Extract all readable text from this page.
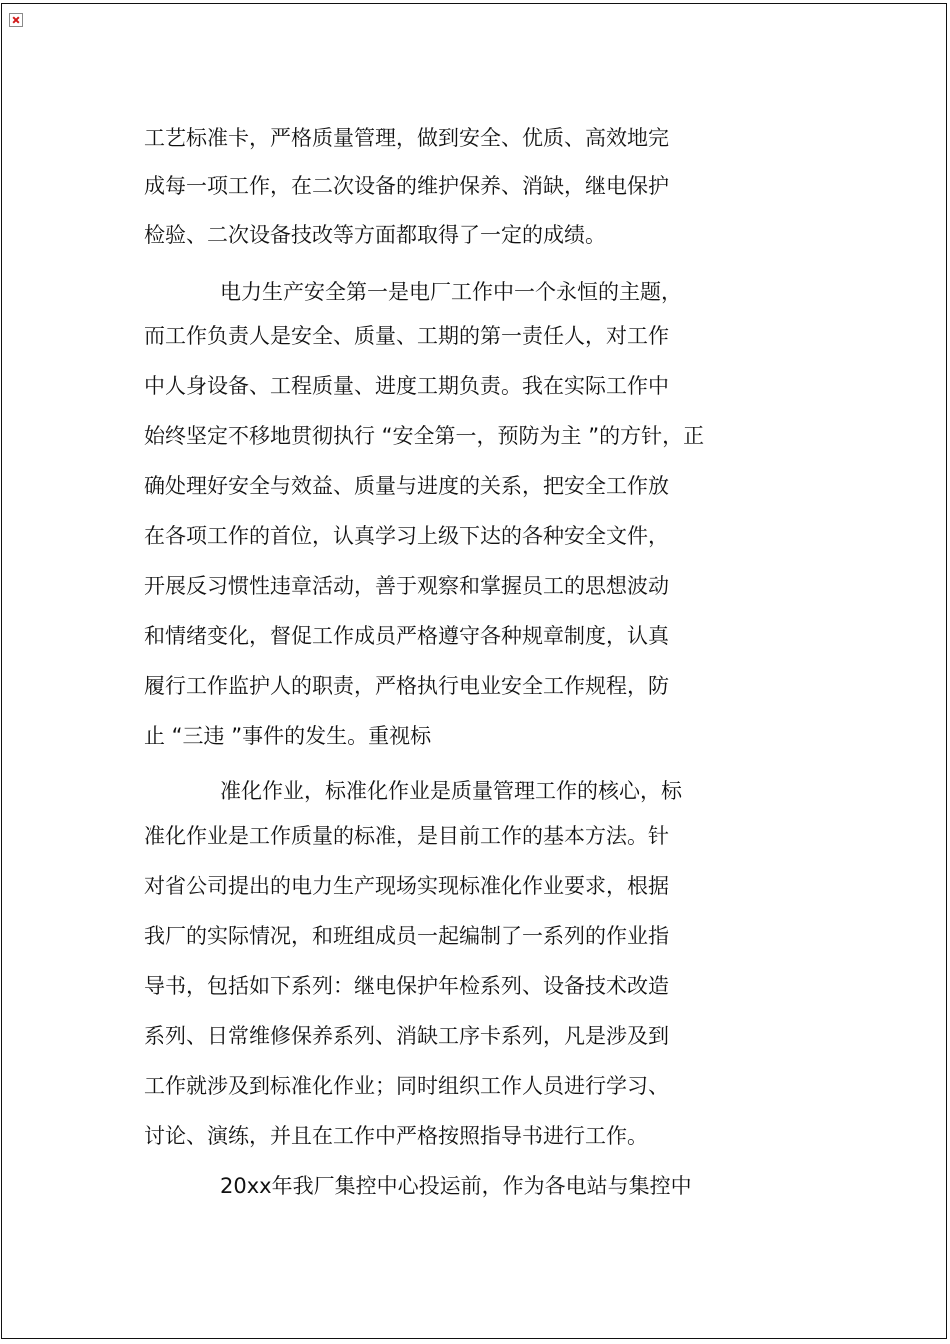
工艺标准卡，严格质量管理，做到安全、优质、高效地完

成每一项工作，在二次设备的维护保养、消缺，继电保护

检验、二次设备技改等方面都取得了一定的成绩。

电力生产安全第一是电厂工作中一个永恒的主题，

而工作负责人是安全、质量、工期的第一责任人，对工作

中人身设备、工程质量、进度工期负责。我在实际工作中

始终坚定不移地贯彻执行 “安全第一，预防为主 ”的方针，正

确处理好安全与效益、质量与进度的关系，把安全工作放

在各项工作的首位，认真学习上级下达的各种安全文件，

开展反习惯性违章活动，善于观察和掌握员工的思想波动

和情绪变化，督促工作成员严格遵守各种规章制度，认真

履行工作监护人的职责，严格执行电业安全工作规程，防

止 “三违 ”事件的发生。重视标

准化作业，标准化作业是质量管理工作的核心，标

准化作业是工作质量的标准，是目前工作的基本方法。针

对省公司提出的电力生产现场实现标准化作业要求，根据

我厂的实际情况，和班组成员一起编制了一系列的作业指

导书，包括如下系列：继电保护年检系列、设备技术改造

系列、日常维修保养系列、消缺工序卡系列，凡是涉及到

工作就涉及到标准化作业；同时组织工作人员进行学习、

讨论、演练，并且在工作中严格按照指导书进行工作。

20xx年我厂集控中心投运前，作为各电站与集控中
